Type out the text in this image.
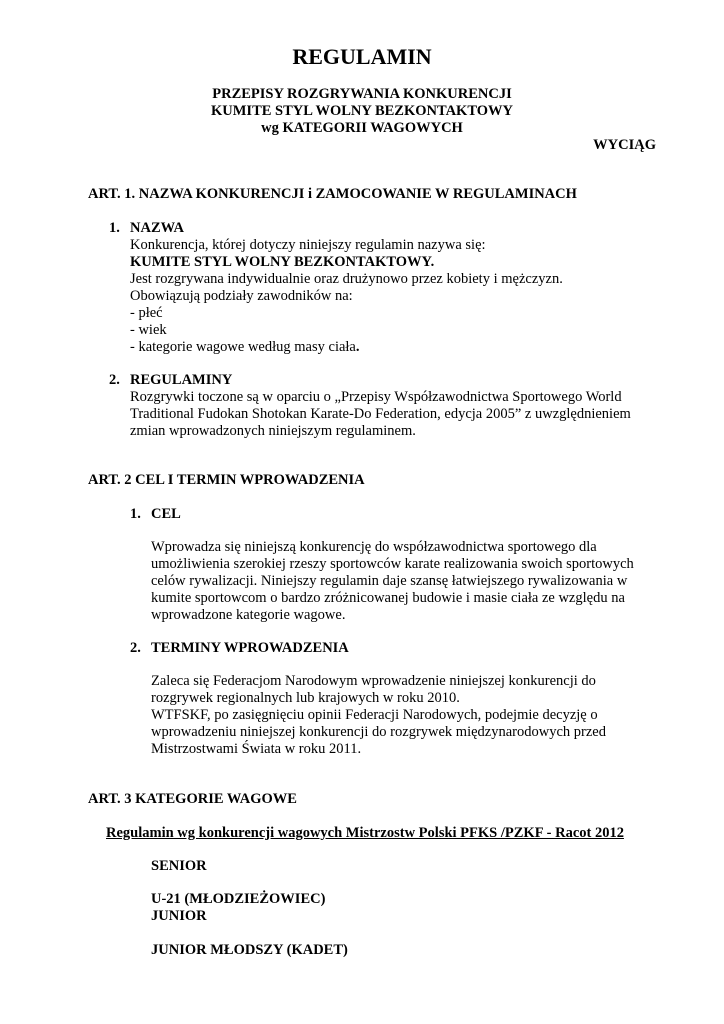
REGULAMIN
PRZEPISY ROZGRYWANIA KONKURENCJI
KUMITE STYL WOLNY BEZKONTAKTOWY
wg KATEGORII WAGOWYCH
WYCIĄG
ART. 1. NAZWA KONKURENCJI i ZAMOCOWANIE W REGULAMINACH
1. NAZWA
Konkurencja, której dotyczy niniejszy regulamin nazywa się:
KUMITE STYL WOLNY BEZKONTAKTOWY.
Jest rozgrywana indywidualnie oraz drużynowo przez kobiety i mężczyzn.
Obowiązują podziały zawodników na:
- płeć
- wiek
- kategorie wagowe według masy ciała.
2. REGULAMINY
Rozgrywki toczone są w oparciu o „Przepisy Współzawodnictwa Sportowego World
Traditional Fudokan Shotokan Karate-Do Federation, edycja 2005” z uwzględnieniem
zmian wprowadzonych niniejszym regulaminem.
ART. 2 CEL I TERMIN WPROWADZENIA
1. CEL
Wprowadza się niniejszą konkurencję do współzawodnictwa sportowego dla
umożliwienia szerokiej rzeszy sportowców karate realizowania swoich sportowych
celów rywalizacji. Niniejszy regulamin daje szansę łatwiejszego rywalizowania w
kumite sportowcom o bardzo zróżnicowanej budowie i masie ciała ze względu na
wprowadzone kategorie wagowe.
2. TERMINY WPROWADZENIA
Zaleca się Federacjom Narodowym wprowadzenie niniejszej konkurencji do
rozgrywek regionalnych lub krajowych w roku 2010.
WTFSKF, po zasięgnięciu opinii Federacji Narodowych, podejmie decyzję o
wprowadzeniu niniejszej konkurencji do rozgrywek międzynarodowych przed
Mistrzostwami Świata w roku 2011.
ART. 3 KATEGORIE WAGOWE
Regulamin wg konkurencji wagowych Mistrzostw Polski PFKS /PZKF - Racot 2012
SENIOR
U-21 (MŁODZIEŻOWIEC)
JUNIOR
JUNIOR MŁODSZY (KADET)
